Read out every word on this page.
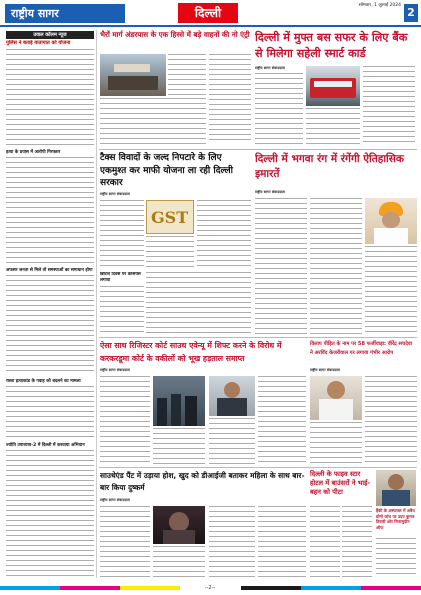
राष्ट्रीय सागर	दिल्ली
सोमवार, 1 जुलाई 2024
2
उवाल कॉलम न्यूज
पुलिस ने बताई यातायात को योजना
हत्या के प्रयास में आरोपी गिरफ्तार
अफसर जनता से मिले तो समस्याओं का समाधान होगा
रास्ता हत्याकांड के गवाह को बदलने का मामला
ज्योति उपाध्याय-2 में दिल्ली में करवाया अभियान
भैरों मार्ग अंडरपास के एक हिस्से में बड़े वाहनों की नो एंट्री दिल्ली में मुफ्त बस सफर के लिए बैंक से मिलेगा सहेली स्मार्ट कार्ड
राष्ट्रीय सागर संवाददाता
टैक्स विवादों के जल्द निपटारे के लिए एकमुश्त कर माफी योजना ला रही दिल्ली सरकार
राष्ट्रीय सागर संवाददाता
GST
ब्रिटिश दिवस पर कैसियस लगाया
दिल्ली में भगवा रंग में रंगेंगी ऐतिहासिक इमारतें
राष्ट्रीय सागर संवाददाता
ऐसा साथ रिजिस्टर कोर्ट साउथ एवेन्यू में शिफ्ट करने के विरोध में करकरडूमा कोर्ट के वकीलों को भूख हड़ताल समाप्त
राष्ट्रीय सागर संवाददाता
विलाप पीड़ित के नाम पर 58 फर्जीवाड़ा: वीरेंद्र सचदेवा ने अरविंद केजरीवाल पर लगाया गंभीर आरोप
राष्ट्रीय सागर संवाददाता
साउथेएंड पैंट में उड़ाया होश, खुद को डीआईजी बताकर महिला के साथ बार-बार किया दुष्कर्म
राष्ट्रीय सागर संवाददाता
दिल्ली के फाइव स्टार होटल में बाउंसरों ने भाई-बहन को पीटा
हैंकी के अस्पताल में अवैध प्रोमो जांच पर उदय कुमार तिवारी ओर निजामुदीन ऑफ
--2--
